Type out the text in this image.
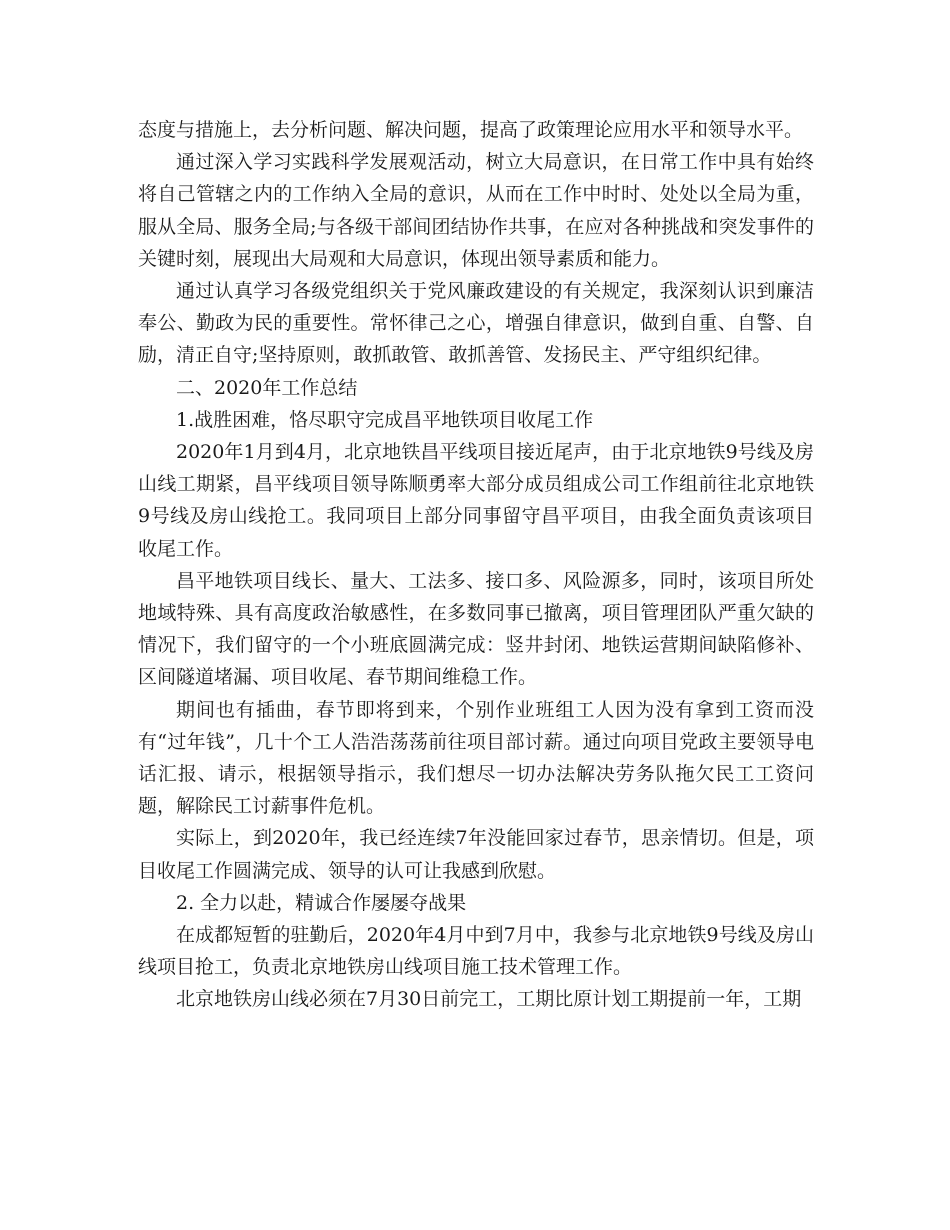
态度与措施上，去分析问题、解决问题，提高了政策理论应用水平和领导水平。

通过深入学习实践科学发展观活动，树立大局意识，在日常工作中具有始终将自己管辖之内的工作纳入全局的意识，从而在工作中时时、处处以全局为重，服从全局、服务全局;与各级干部间团结协作共事，在应对各种挑战和突发事件的关键时刻，展现出大局观和大局意识，体现出领导素质和能力。

通过认真学习各级党组织关于党风廉政建设的有关规定，我深刻认识到廉洁奉公、勤政为民的重要性。常怀律己之心，增强自律意识，做到自重、自警、自励，清正自守;坚持原则，敢抓敢管、敢抓善管、发扬民主、严守组织纪律。

二、2020年工作总结

1.战胜困难，恪尽职守完成昌平地铁项目收尾工作

2020年1月到4月，北京地铁昌平线项目接近尾声，由于北京地铁9号线及房山线工期紧，昌平线项目领导陈顺勇率大部分成员组成公司工作组前往北京地铁9号线及房山线抢工。我同项目上部分同事留守昌平项目，由我全面负责该项目收尾工作。

昌平地铁项目线长、量大、工法多、接口多、风险源多，同时，该项目所处地域特殊、具有高度政治敏感性，在多数同事已撤离，项目管理团队严重欠缺的情况下，我们留守的一个小班底圆满完成：竖井封闭、地铁运营期间缺陷修补、区间隧道堵漏、项目收尾、春节期间维稳工作。

期间也有插曲，春节即将到来，个别作业班组工人因为没有拿到工资而没有“过年钱”，几十个工人浩浩荡荡前往项目部讨薪。通过向项目党政主要领导电话汇报、请示，根据领导指示，我们想尽一切办法解决劳务队拖欠民工工资问题，解除民工讨薪事件危机。

实际上，到2020年，我已经连续7年没能回家过春节，思亲情切。但是，项目收尾工作圆满完成、领导的认可让我感到欣慰。

2. 全力以赴，精诚合作屡屡夺战果

在成都短暂的驻勤后，2020年4月中到7月中，我参与北京地铁9号线及房山线项目抢工，负责北京地铁房山线项目施工技术管理工作。

北京地铁房山线必须在7月30日前完工，工期比原计划工期提前一年，工期
